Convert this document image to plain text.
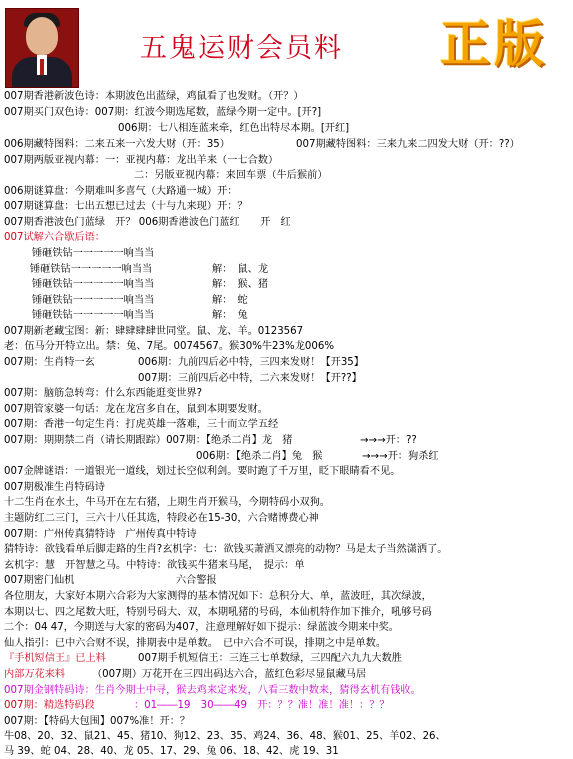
五鬼运财会员料 正版
007期香港新波色诗：本期波色出蓝绿，鸡鼠看了也发财。（开？）
007期买门双色诗：007期：红波今期选尾数，蓝绿今期一定中。[开?]
006期：七八相连蓝来牵，红色出特尽本期。[开红]
006期藏特图料：二来五来一六发大财（开：35）	007期藏特图料：三来九来二四发大财（开：??）
007期两版亚视内幕：一：亚视内幕：龙出羊来（一七合数）
二：另版亚视内幕：来回车票（牛后猴前）
006期谜算盘：今期难叫多喜气（大路通一城）开：
007期谜算盘：七出五想已过去（十与九来现）开：？
007期香港波色门蓝绿　开？ 006期香港波色门蓝红　　开　红
007试解六合歇后语：
锤砸铁钻一一一一一响当当
锤砸铁钻一一一一一响当当	解：　鼠、龙
锤砸铁钻一一一一一响当当	解：　猴、猪
锤砸铁钻一一一一一响当当	解：　蛇
锤砸铁钻一一一一一响当当	解：　兔
007期新老藏宝图：新：肆肆肆肆世同堂。鼠、龙、羊。0123567
老：伍马分开特立出。禁：兔、7尾。0074567。猴30%牛23%龙006%
007期：生肖特一玄	006期：九前四后必中特，三四来发财！【开35】
007期：三前四后必中特，二六来发财！【开??】
007期：脑筋急转弯：什么东西能逛变世界?
007期管家婆一句话：龙在龙宫多自在，鼠到本期要发财。
007期：香港一句定生肖：打虎英雄一落难，三十而立学五经
007期：期期禁二肖（请长期跟踪）007期：【绝杀二肖】龙　猪	→→→开：??
006期：【绝杀二肖】兔　猴	→→→开：狗杀红
007金牌谜语：一道银光一道线，划过长空似利剑。要时跑了千万里，眨下眼睛看不见。
007期极准生肖特码诗
十二生肖在水土，牛马开在左右猪，上期生肖开猴马，今期特码小双狗。
主题防红二三门，三六十八任其选，特段必在15-30，六合赌博费心神
007期：广州传真猜特诗　广州传真中特诗
猜特诗：欲钱看单后脚走路的生肖?玄机字：七：欲钱买萧洒又漂亮的动物？马是太子当然潇洒了。
玄机字：慧　开智慧之马。中特诗：欲钱买牛猪来马尾，　提示：单
007期密门仙机	六合警报
各位朋友，大家好本期六合彩为大家测得的基本情况如下：总积分大、单，蓝波旺，其次绿波，
本期以七、四之尾数大旺，特别号码大、双，本期吼猪的号码，本仙机特作加下推介，吼够号码
二个：04 47，今期送与大家的密码为407，注意理解好如下提示：绿蓝波今期来中奖。
仙人指引：已中六合财不误，排期表中是单数。　已中六合不可误，排期之中是单数。
『手机短信王』已上料	007期手机短信王：三连三七单数绿，三四配六九九大数胜
内部万花来料	（007期）万花开在三四出码达六合，蓝红色彩尽显鼠藏马居
007期金钢特码诗：生肖今期土中寻，猴去鸡来定来发，八看三数中数来，猜得玄机有钱收。
007期：精选特码段	：01――19　30――49　开：？？准！准！准！：？？
007期：【特码大包围】007%准！开：？
牛08、20、32、鼠21、45、猪10、狗12、23、35、鸡24、36、48、猴01、25、羊02、26、
马 39、蛇 04、28、40、龙 05、17、29、兔 06、18、42、虎 19、31
